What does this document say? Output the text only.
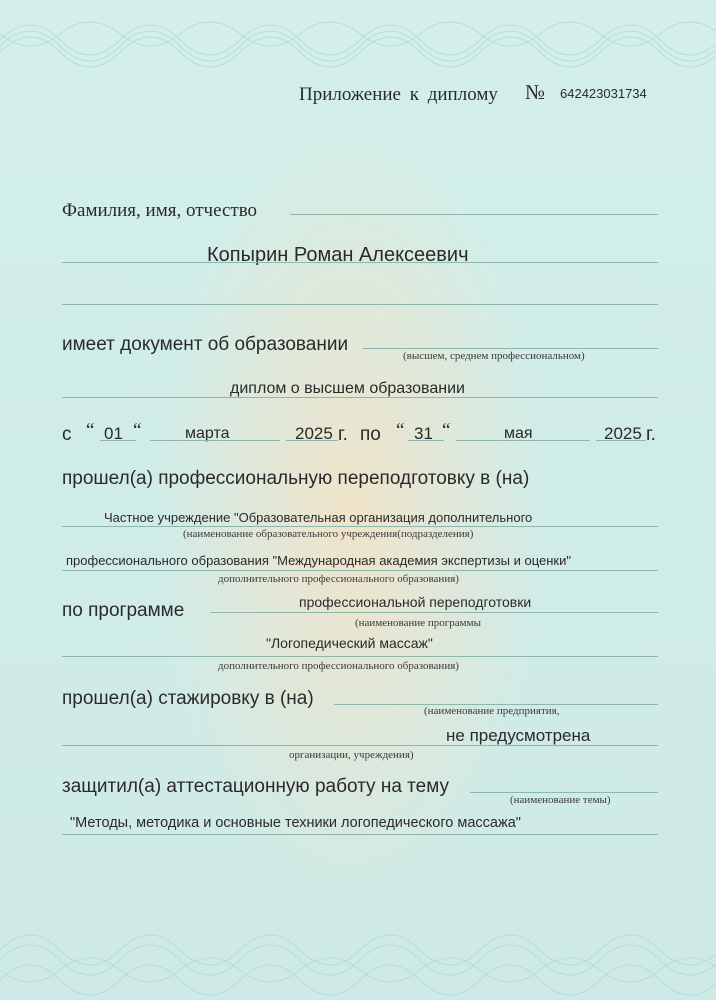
Приложение к диплому № 642423031734
Фамилия, имя, отчество
Копырин Роман Алексеевич
имеет документ об образовании
(высшем, среднем профессиональном)
диплом о высшем образовании
с “ 01 “	марта	2025 г. по “ 31 “	мая	2025 г.
прошел(а) профессиональную переподготовку в (на)
Частное учреждение "Образовательная организация дополнительного
(наименование образовательного учреждения(подразделения)
профессионального образования "Международная академия экспертизы и оценки"
дополнительного профессионального образования)
по программе	профессиональной переподготовки
(наименование программы
"Логопедический массаж"
дополнительного профессионального образования)
прошел(а) стажировку в (на)
(наименование предприятия,
не предусмотрена
организации, учреждения)
защитил(а) аттестационную работу на тему
(наименование темы)
"Методы, методика и основные техники логопедического массажа"
